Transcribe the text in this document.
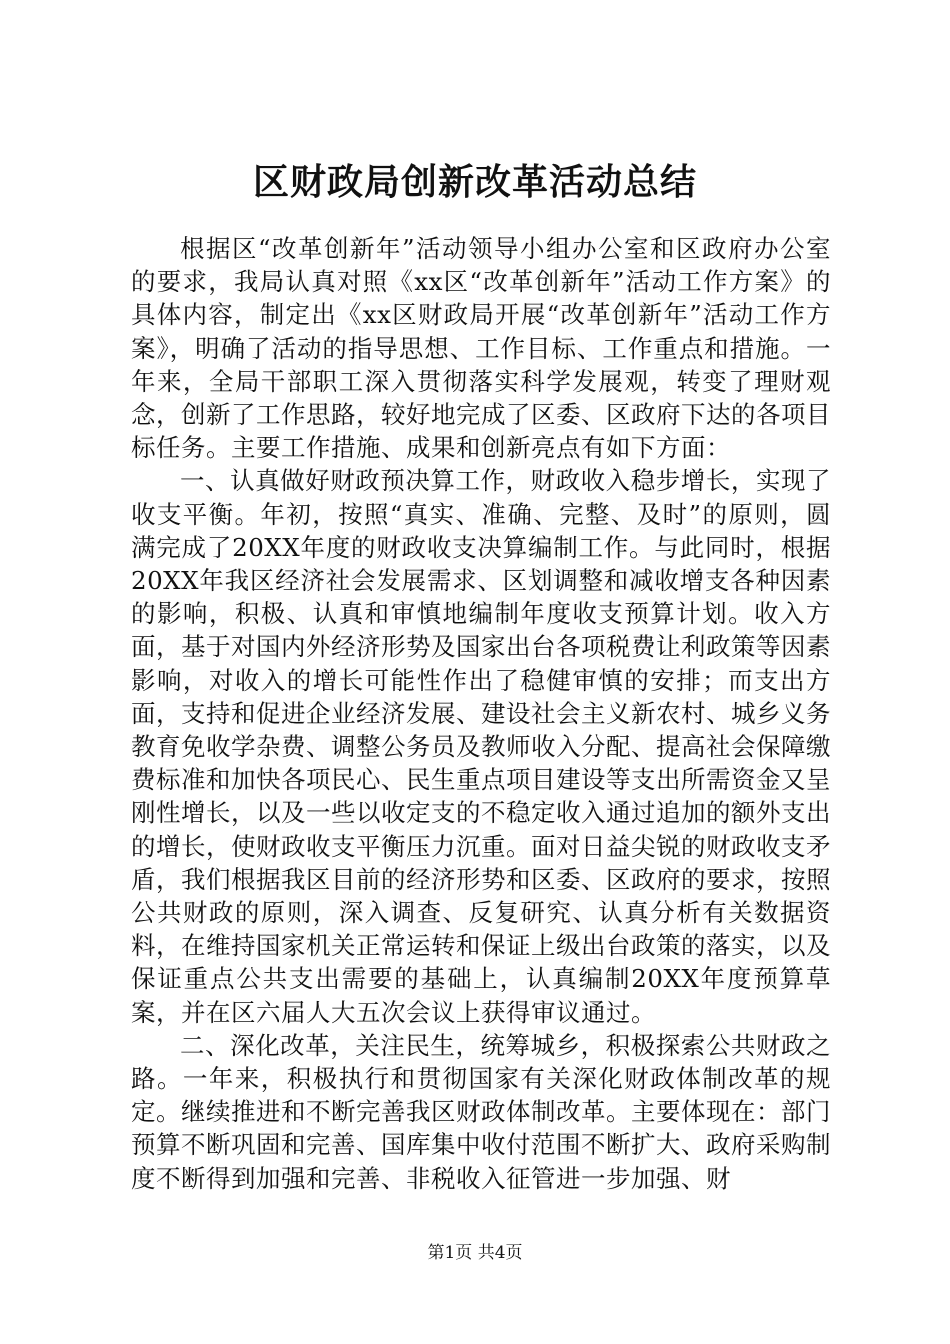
区财政局创新改革活动总结

根据区“改革创新年”活动领导小组办公室和区政府办公室的要求，我局认真对照《xx区“改革创新年”活动工作方案》的具体内容，制定出《xx区财政局开展“改革创新年”活动工作方案》，明确了活动的指导思想、工作目标、工作重点和措施。一年来，全局干部职工深入贯彻落实科学发展观，转变了理财观念，创新了工作思路，较好地完成了区委、区政府下达的各项目标任务。主要工作措施、成果和创新亮点有如下方面：

一、认真做好财政预决算工作，财政收入稳步增长，实现了收支平衡。年初，按照“真实、准确、完整、及时”的原则，圆满完成了20XX年度的财政收支决算编制工作。与此同时，根据20XX年我区经济社会发展需求、区划调整和减收增支各种因素的影响，积极、认真和审慎地编制年度收支预算计划。收入方面，基于对国内外经济形势及国家出台各项税费让利政策等因素影响，对收入的增长可能性作出了稳健审慎的安排；而支出方面，支持和促进企业经济发展、建设社会主义新农村、城乡义务教育免收学杂费、调整公务员及教师收入分配、提高社会保障缴费标准和加快各项民心、民生重点项目建设等支出所需资金又呈刚性增长，以及一些以收定支的不稳定收入通过追加的额外支出的增长，使财政收支平衡压力沉重。面对日益尖锐的财政收支矛盾，我们根据我区目前的经济形势和区委、区政府的要求，按照公共财政的原则，深入调查、反复研究、认真分析有关数据资料，在维持国家机关正常运转和保证上级出台政策的落实，以及保证重点公共支出需要的基础上，认真编制20XX年度预算草案，并在区六届人大五次会议上获得审议通过。

二、深化改革，关注民生，统筹城乡，积极探索公共财政之路。一年来，积极执行和贯彻国家有关深化财政体制改革的规定。继续推进和不断完善我区财政体制改革。主要体现在：部门预算不断巩固和完善、国库集中收付范围不断扩大、政府采购制度不断得到加强和完善、非税收入征管进一步加强、财

第1页 共4页
